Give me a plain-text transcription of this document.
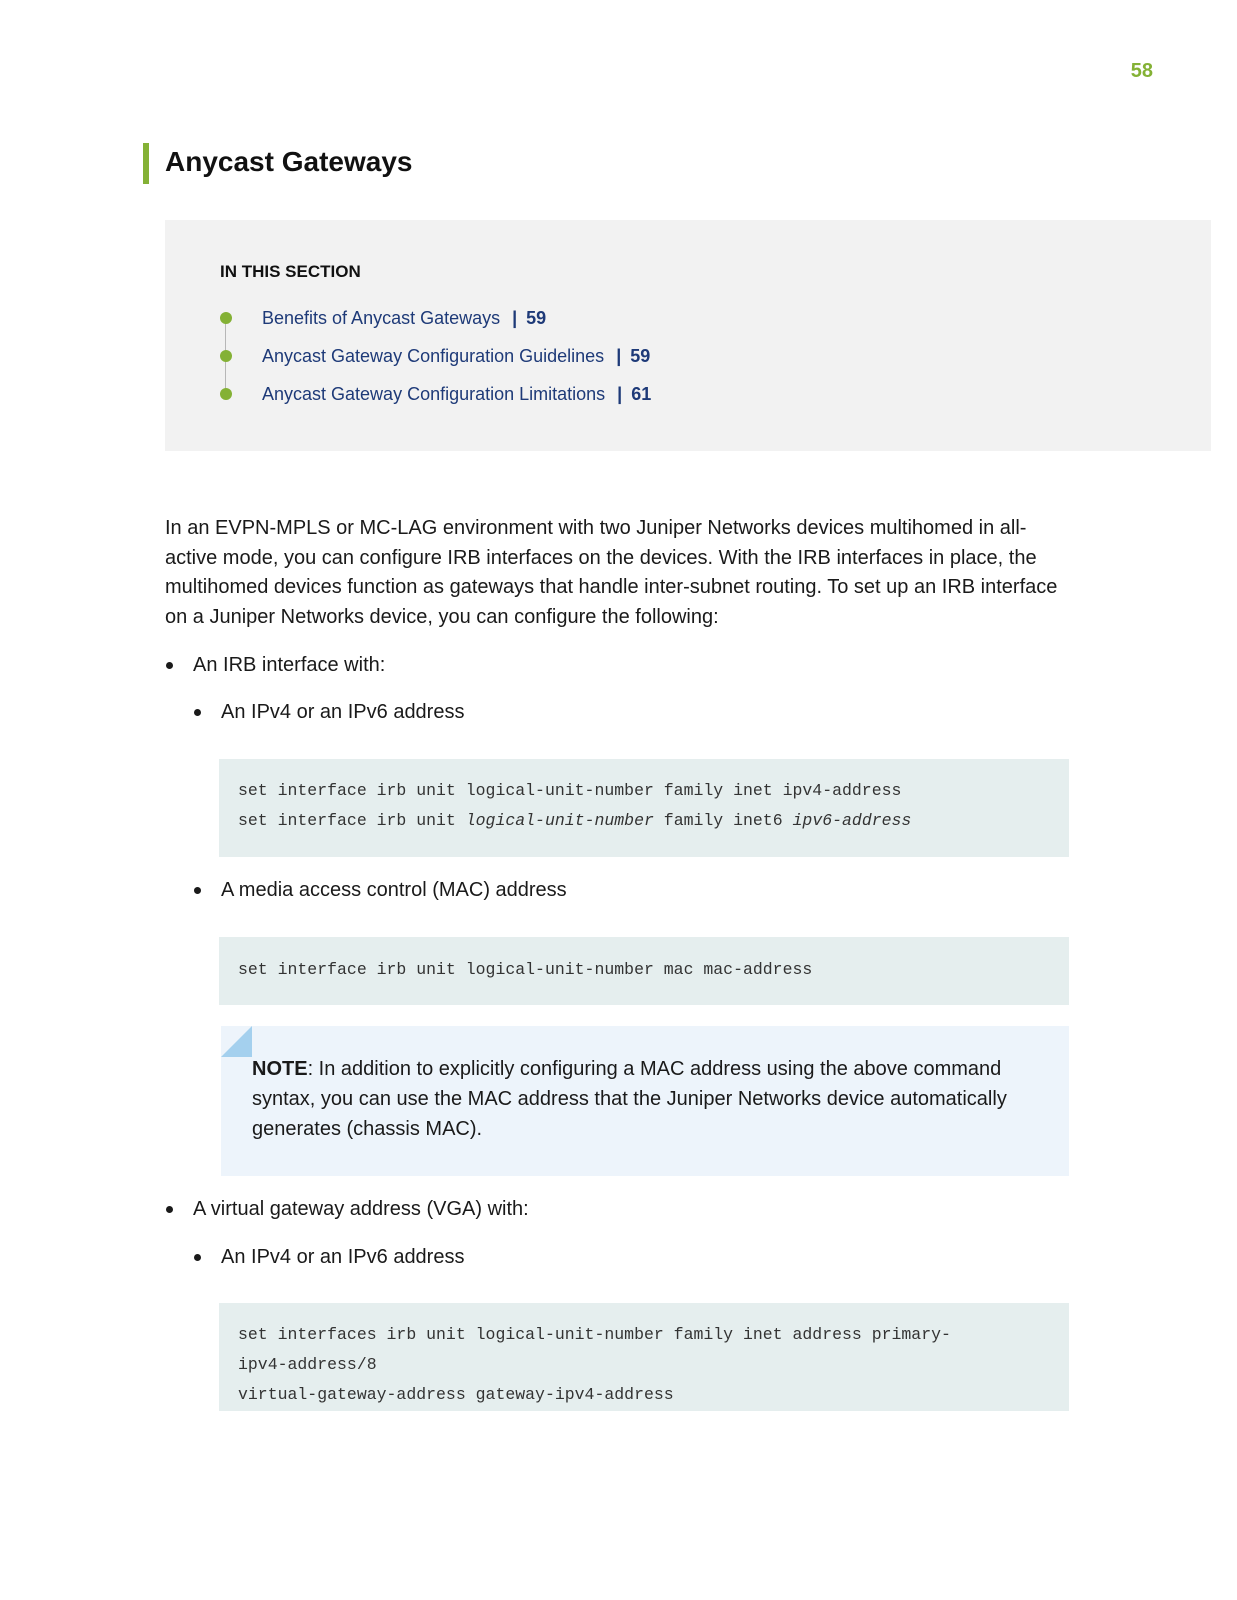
58
Anycast Gateways
IN THIS SECTION
Benefits of Anycast Gateways | 59
Anycast Gateway Configuration Guidelines | 59
Anycast Gateway Configuration Limitations | 61

In an EVPN-MPLS or MC-LAG environment with two Juniper Networks devices multihomed in all-active mode, you can configure IRB interfaces on the devices. With the IRB interfaces in place, the multihomed devices function as gateways that handle inter-subnet routing. To set up an IRB interface on a Juniper Networks device, you can configure the following:

An IRB interface with:
An IPv4 or an IPv6 address
set interface irb unit logical-unit-number family inet ipv4-address
set interface irb unit logical-unit-number family inet6 ipv6-address
A media access control (MAC) address
set interface irb unit logical-unit-number mac mac-address

NOTE: In addition to explicitly configuring a MAC address using the above command syntax, you can use the MAC address that the Juniper Networks device automatically generates (chassis MAC).

A virtual gateway address (VGA) with:
An IPv4 or an IPv6 address
set interfaces irb unit logical-unit-number family inet address primary-
ipv4-address/8
virtual-gateway-address gateway-ipv4-address
